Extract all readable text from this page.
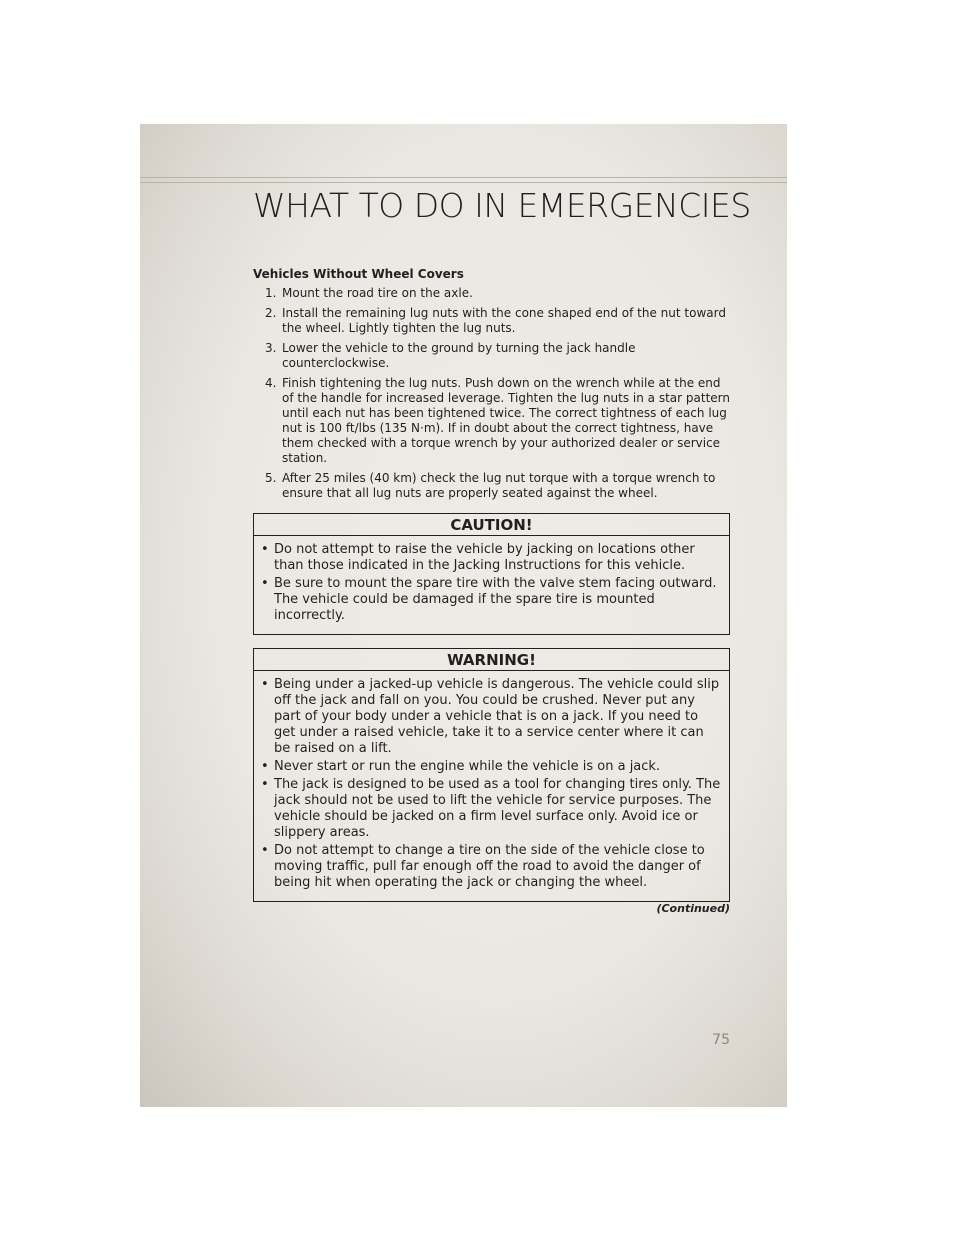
WHAT TO DO IN EMERGENCIES
Vehicles Without Wheel Covers
1. Mount the road tire on the axle.
2. Install the remaining lug nuts with the cone shaped end of the nut toward the wheel. Lightly tighten the lug nuts.
3. Lower the vehicle to the ground by turning the jack handle counterclockwise.
4. Finish tightening the lug nuts. Push down on the wrench while at the end of the handle for increased leverage. Tighten the lug nuts in a star pattern until each nut has been tightened twice. The correct tightness of each lug nut is 100 ft/lbs (135 N·m). If in doubt about the correct tightness, have them checked with a torque wrench by your authorized dealer or service station.
5. After 25 miles (40 km) check the lug nut torque with a torque wrench to ensure that all lug nuts are properly seated against the wheel.
CAUTION!
• Do not attempt to raise the vehicle by jacking on locations other than those indicated in the Jacking Instructions for this vehicle.
• Be sure to mount the spare tire with the valve stem facing outward. The vehicle could be damaged if the spare tire is mounted incorrectly.
WARNING!
• Being under a jacked-up vehicle is dangerous. The vehicle could slip off the jack and fall on you. You could be crushed. Never put any part of your body under a vehicle that is on a jack. If you need to get under a raised vehicle, take it to a service center where it can be raised on a lift.
• Never start or run the engine while the vehicle is on a jack.
• The jack is designed to be used as a tool for changing tires only. The jack should not be used to lift the vehicle for service purposes. The vehicle should be jacked on a firm level surface only. Avoid ice or slippery areas.
• Do not attempt to change a tire on the side of the vehicle close to moving traffic, pull far enough off the road to avoid the danger of being hit when operating the jack or changing the wheel.
(Continued)
75
